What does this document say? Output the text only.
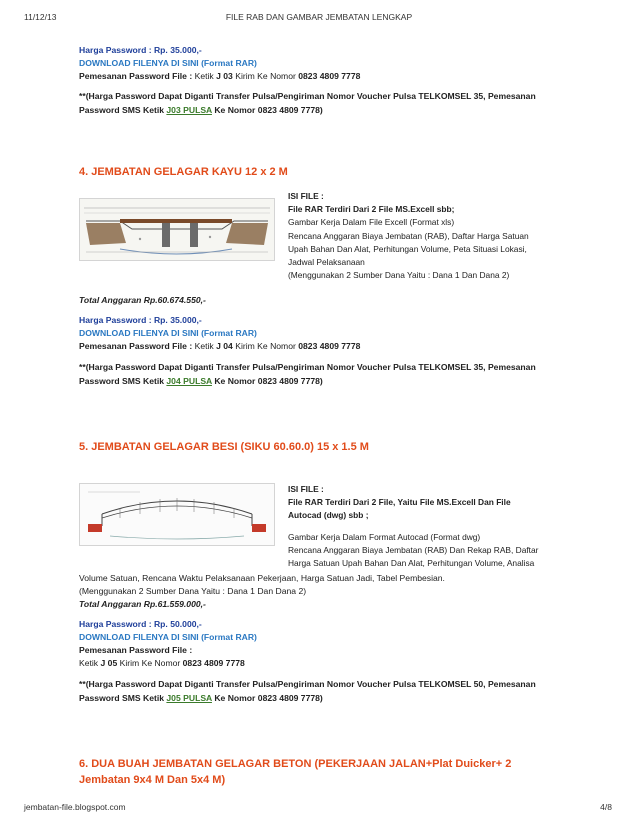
11/12/13	FILE RAB DAN GAMBAR JEMBATAN LENGKAP
Harga Password : Rp. 35.000,-
DOWNLOAD FILENYA DI SINI (Format RAR)
Pemesanan Password File : Ketik J 03 Kirim Ke Nomor 0823 4809 7778
**(Harga Password Dapat Diganti Transfer Pulsa/Pengiriman Nomor Voucher Pulsa TELKOMSEL 35, Pemesanan
Password SMS Ketik J03 PULSA Ke Nomor 0823 4809 7778)
4. JEMBATAN GELAGAR KAYU 12 x 2 M
ISI FILE :
File RAR Terdiri Dari 2 File MS.Excell sbb;
Gambar Kerja Dalam File Excell (Format xls)
Rencana Anggaran Biaya Jembatan (RAB), Daftar Harga Satuan
Upah Bahan Dan Alat, Perhitungan Volume, Peta Situasi Lokasi,
Jadwal Pelaksanaan
(Menggunakan 2 Sumber Dana Yaitu : Dana 1 Dan Dana 2)
Total Anggaran Rp.60.674.550,-
Harga Password : Rp. 35.000,-
DOWNLOAD FILENYA DI SINI (Format RAR)
Pemesanan Password File : Ketik J 04 Kirim Ke Nomor 0823 4809 7778
**(Harga Password Dapat Diganti Transfer Pulsa/Pengiriman Nomor Voucher Pulsa TELKOMSEL 35, Pemesanan
Password SMS Ketik J04 PULSA Ke Nomor 0823 4809 7778)
5. JEMBATAN GELAGAR BESI (SIKU 60.60.0) 15 x 1.5 M
ISI FILE :
File RAR Terdiri Dari 2 File, Yaitu File MS.Excell Dan File
Autocad (dwg) sbb ;
Gambar Kerja Dalam Format Autocad (Format dwg)
Rencana Anggaran Biaya Jembatan (RAB) Dan Rekap RAB, Daftar
Harga Satuan Upah Bahan Dan Alat, Perhitungan Volume, Analisa
Volume Satuan, Rencana Waktu Pelaksanaan Pekerjaan, Harga Satuan Jadi, Tabel Pembesian.
(Menggunakan 2 Sumber Dana Yaitu : Dana 1 Dan Dana 2)
Total Anggaran Rp.61.559.000,-
Harga Password : Rp. 50.000,-
DOWNLOAD FILENYA DI SINI (Format RAR)
Pemesanan Password File :
Ketik J 05 Kirim Ke Nomor 0823 4809 7778
**(Harga Password Dapat Diganti Transfer Pulsa/Pengiriman Nomor Voucher Pulsa TELKOMSEL 50, Pemesanan
Password SMS Ketik J05 PULSA Ke Nomor 0823 4809 7778)
6. DUA BUAH JEMBATAN GELAGAR BETON (PEKERJAAN JALAN+Plat Duicker+ 2
Jembatan 9x4 M Dan 5x4 M)
jembatan-file.blogspot.com	4/8
